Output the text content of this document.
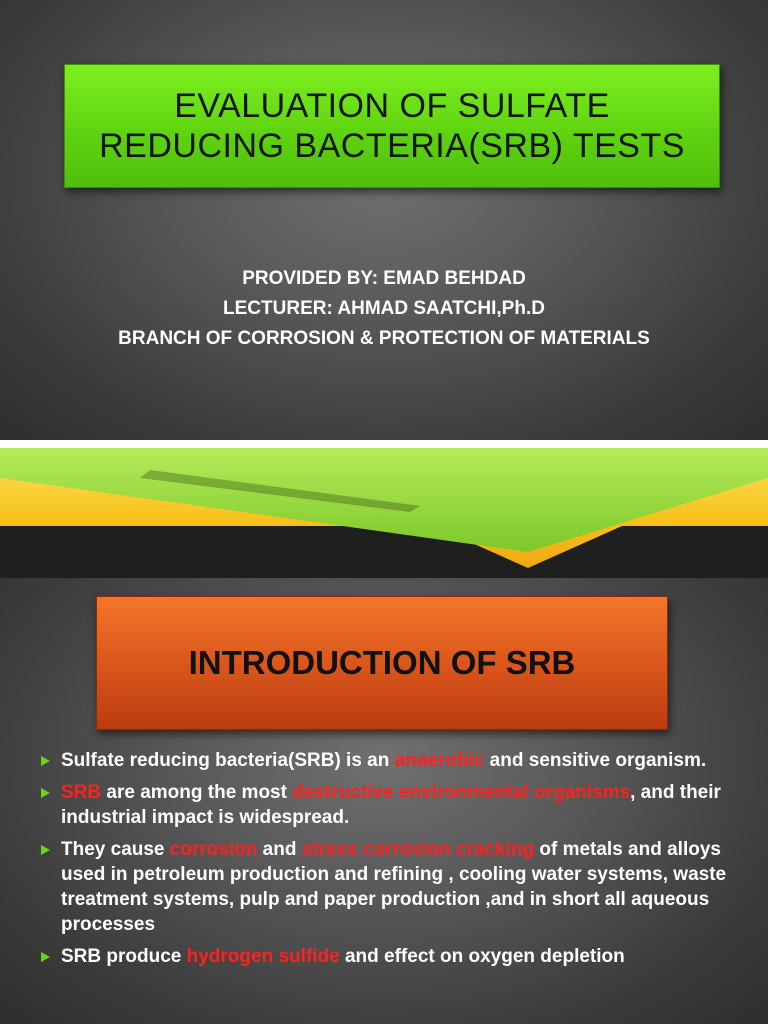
EVALUATION OF SULFATE
REDUCING BACTERIA(SRB) TESTS
PROVIDED BY: EMAD BEHDAD
LECTURER: AHMAD SAATCHI,Ph.D
BRANCH OF CORROSION & PROTECTION OF MATERIALS
INTRODUCTION OF SRB
Sulfate reducing bacteria(SRB) is an anaerobic and sensitive organism.
SRB are among the most destructive environmental organisms, and their industrial impact is widespread.
They cause corrosion and stress corrosion cracking of metals and alloys used in petroleum production and refining , cooling water systems, waste treatment systems, pulp and paper production ,and in short all aqueous processes
SRB produce hydrogen sulfide and effect on oxygen depletion
